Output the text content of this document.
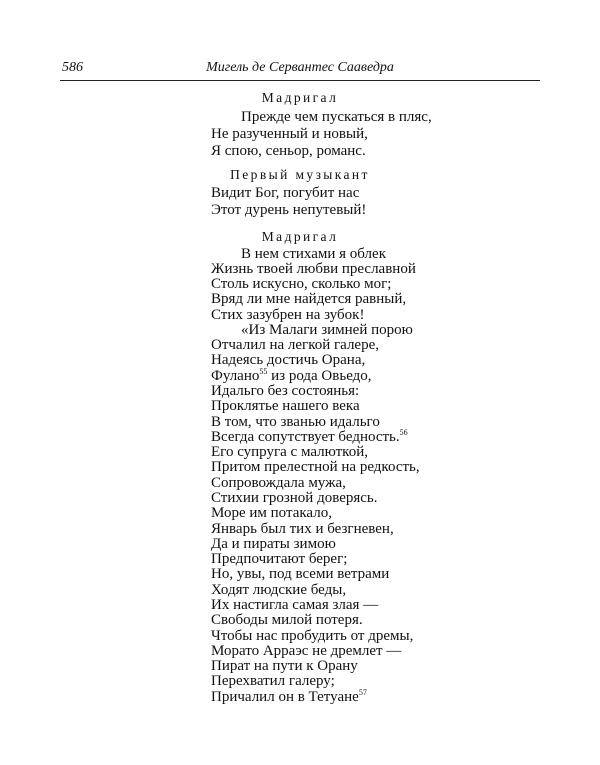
586	Мигель де Сервантес Сааведра
Мадригал
Прежде чем пускаться в пляс,
Не разученный и новый,
Я спою, сеньор, романс.
Первый музыкант
Видит Бог, погубит нас
Этот дурень непутевый!
Мадригал
В нем стихами я облек
Жизнь твоей любви преславной
Столь искусно, сколько мог;
Вряд ли мне найдется равный,
Стих зазубрен на зубок!
«Из Малаги зимней порою
Отчалил на легкой галере,
Надеясь достичь Орана,
Фулано$^{55}$ из рода Овьедо,
Идальго без состоянья:
Проклятье нашего века
В том, что званью идальго
Всегда сопутствует бедность.$^{56}$
Его супруга с малюткой,
Притом прелестной на редкость,
Сопровождала мужа,
Стихии грозной доверясь.
Море им потакало,
Январь был тих и безгневен,
Да и пираты зимою
Предпочитают берег;
Но, увы, под всеми ветрами
Ходят людские беды,
Их настигла самая злая —
Свободы милой потеря.
Чтобы нас пробудить от дремы,
Морато Арраэс не дремлет —
Пират на пути к Орану
Перехватил галеру;
Причалил он в Тетуане$^{57}$
